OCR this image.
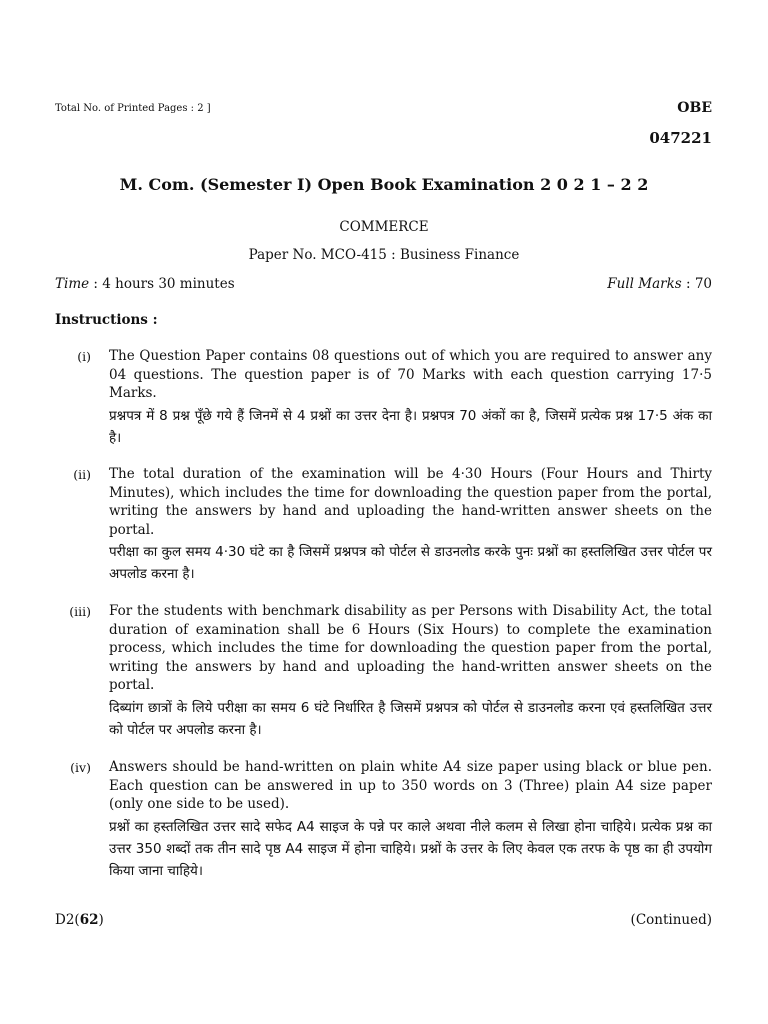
Total No. of Printed Pages : 2 ]	OBE
047221
M. Com. (Semester I) Open Book Examination 2 0 2 1 – 2 2
COMMERCE
Paper No. MCO-415 : Business Finance
Time : 4 hours 30 minutes	Full Marks : 70
Instructions :
(i) The Question Paper contains 08 questions out of which you are required to answer any 04 questions. The question paper is of 70 Marks with each question carrying 17·5 Marks.

प्रश्नपत्र में 8 प्रश्न पूँछे गये हैं जिनमें से 4 प्रश्नों का उत्तर देना है। प्रश्नपत्र 70 अंकों का है, जिसमें प्रत्येक प्रश्न 17·5 अंक का है।

(ii) The total duration of the examination will be 4·30 Hours (Four Hours and Thirty Minutes), which includes the time for downloading the question paper from the portal, writing the answers by hand and uploading the hand-written answer sheets on the portal.

परीक्षा का कुल समय 4·30 घंटे का है जिसमें प्रश्नपत्र को पोर्टल से डाउनलोड करके पुनः प्रश्नों का हस्तलिखित उत्तर पोर्टल पर अपलोड करना है।

(iii) For the students with benchmark disability as per Persons with Disability Act, the total duration of examination shall be 6 Hours (Six Hours) to complete the examination process, which includes the time for downloading the question paper from the portal, writing the answers by hand and uploading the hand-written answer sheets on the portal.

दिब्यांग छात्रों के लिये परीक्षा का समय 6 घंटे निर्धारित है जिसमें प्रश्नपत्र को पोर्टल से डाउनलोड करना एवं हस्तलिखित उत्तर को पोर्टल पर अपलोड करना है।

(iv) Answers should be hand-written on plain white A4 size paper using black or blue pen. Each question can be answered in up to 350 words on 3 (Three) plain A4 size paper (only one side to be used).

प्रश्नों का हस्तलिखित उत्तर सादे सफेद A4 साइज के पन्ने पर काले अथवा नीले कलम से लिखा होना चाहिये। प्रत्येक प्रश्न का उत्तर 350 शब्दों तक तीन सादे पृष्ठ A4 साइज में होना चाहिये। प्रश्नों के उत्तर के लिए केवल एक तरफ के पृष्ठ का ही उपयोग किया जाना चाहिये।

D2(62)	(Continued)
